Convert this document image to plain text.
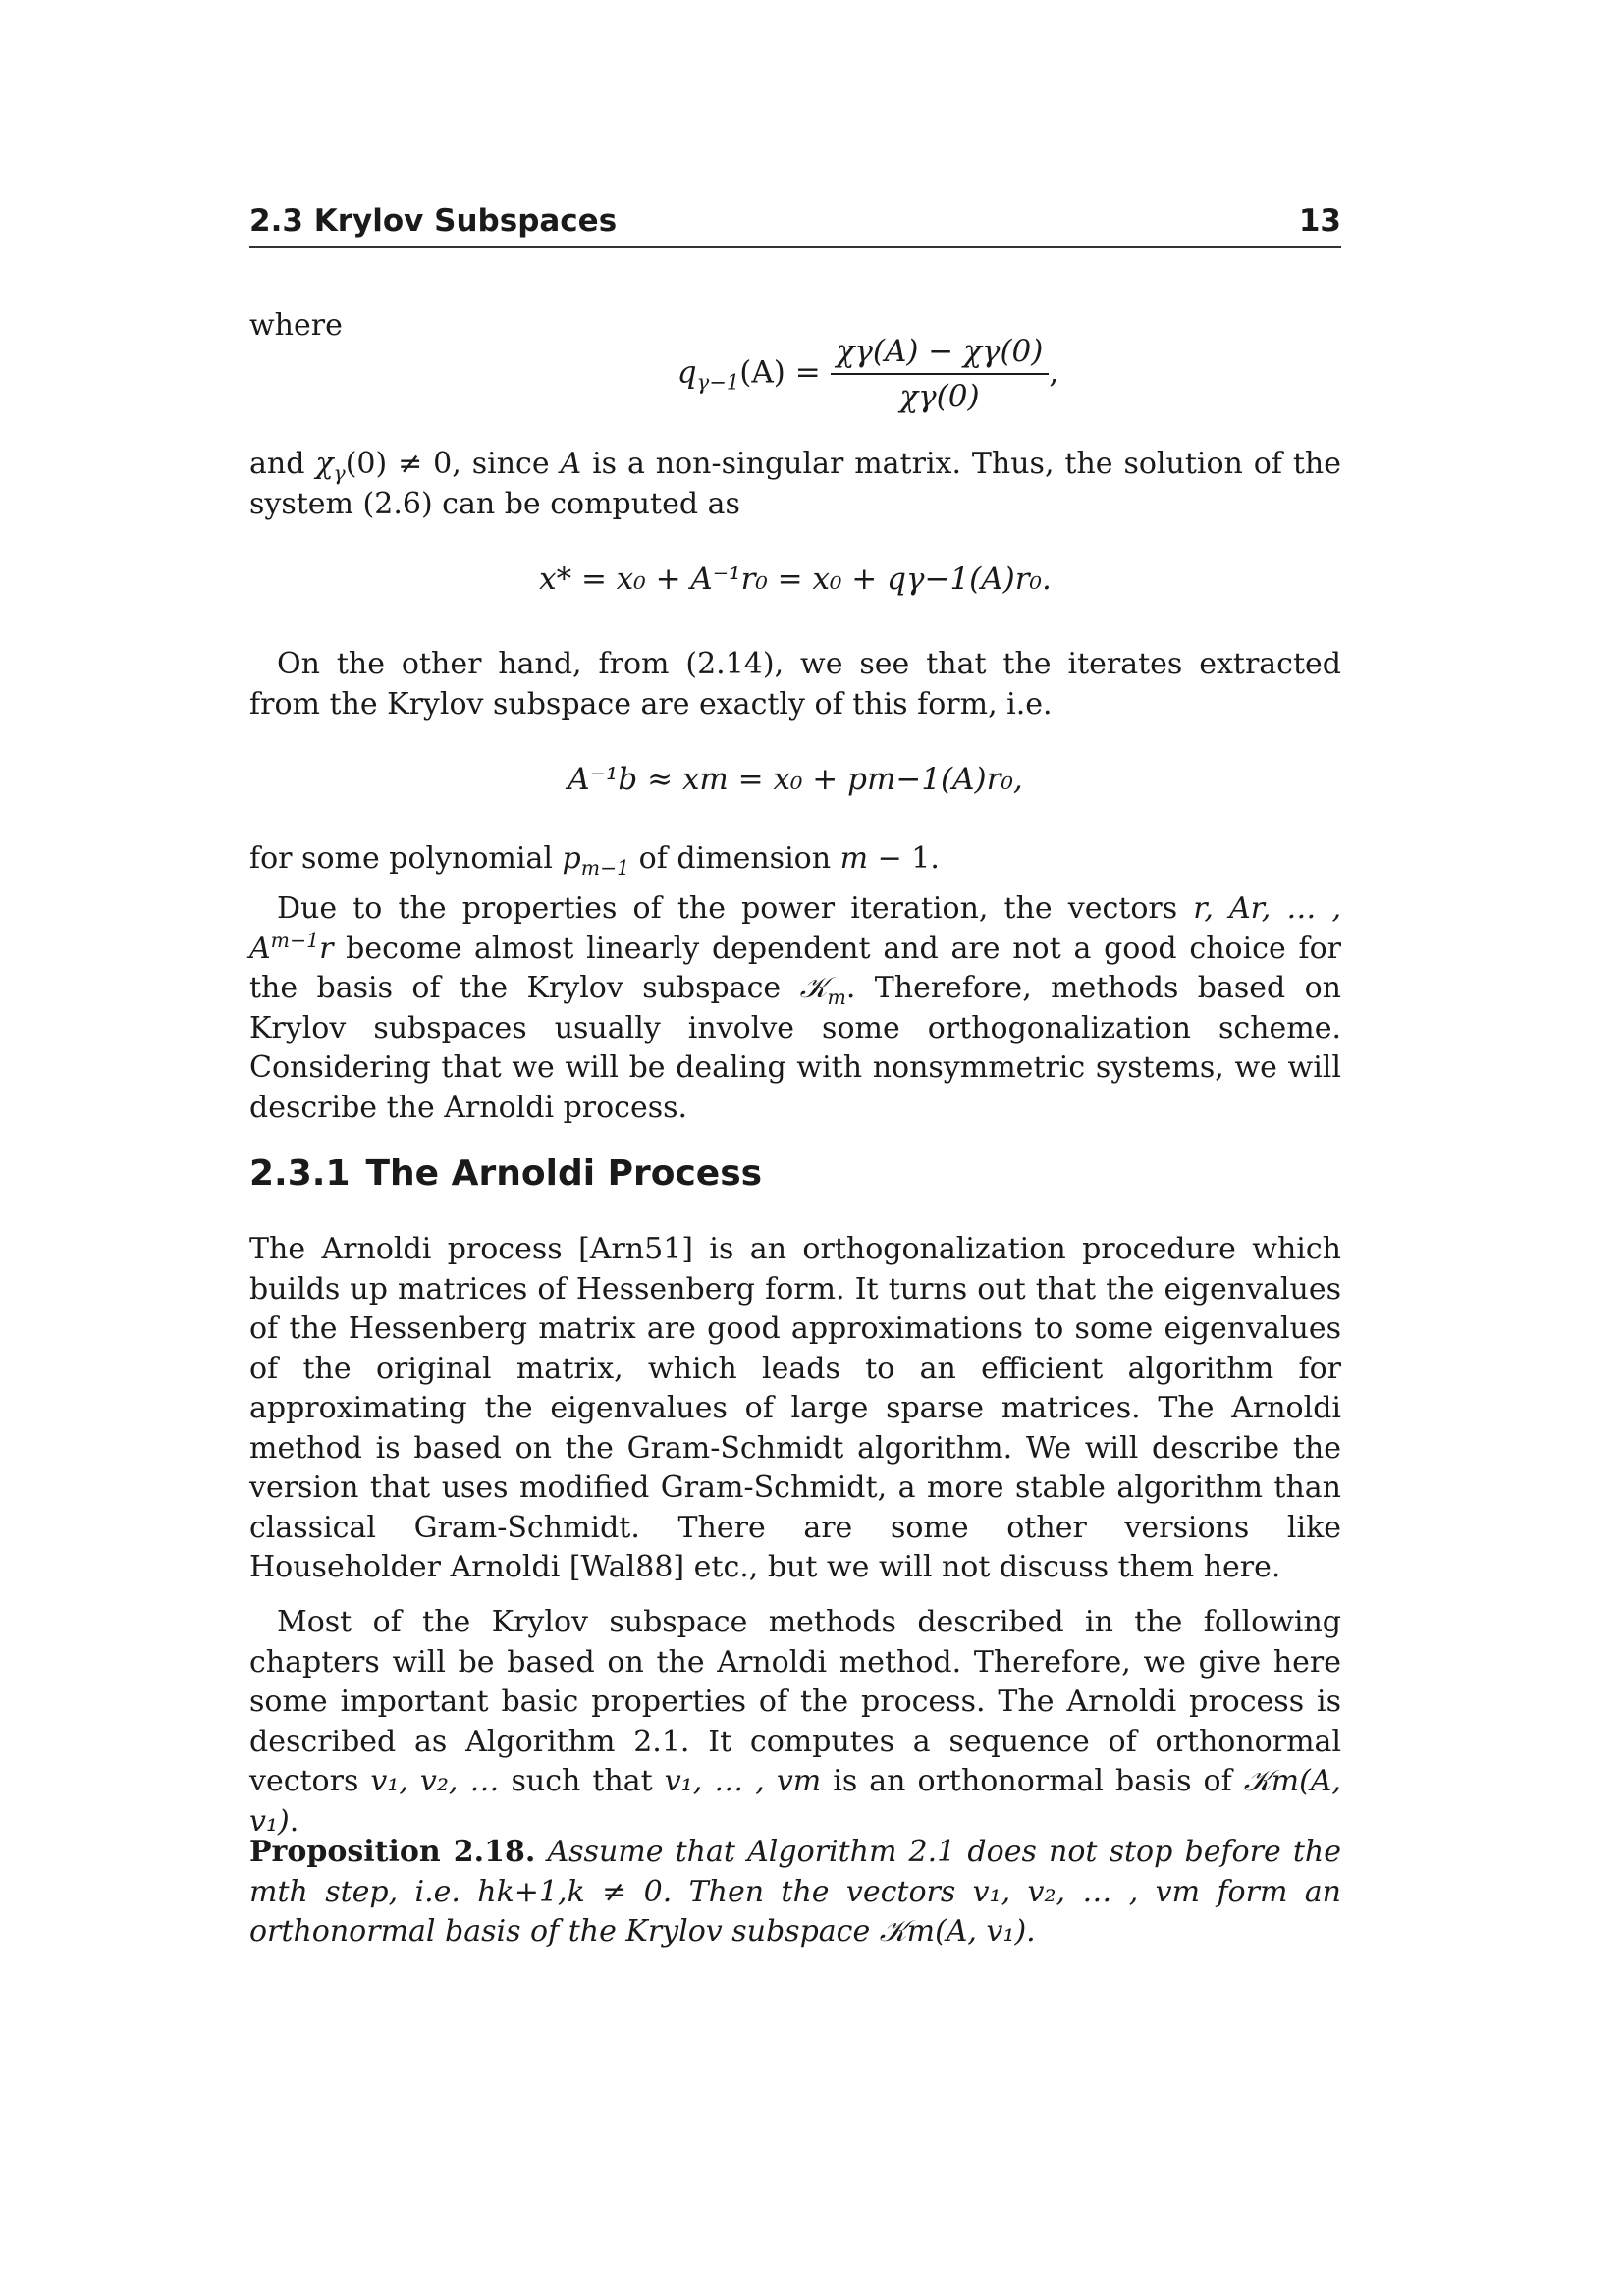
2.3 Krylov Subspaces	13

where

$q_{\gamma-1}(A) = \frac{\chi\gamma(A) - \chi\gamma(0)}{\chi\gamma(0)}$ ,

and $\chi_\gamma(0) \ne 0$, since A is a non-singular matrix. Thus, the solution of the system (2.6) can be computed as

x* = x₀ + A⁻¹r₀ = x₀ + qγ−1(A)r₀.

On the other hand, from (2.14), we see that the iterates extracted from the Krylov subspace are exactly of this form, i.e.

A⁻¹b ≈ xm = x₀ + pm−1(A)r₀,

for some polynomial $p_{m-1}$ of dimension m − 1.

Due to the properties of the power iteration, the vectors r, Ar, … , $A^{m-1}r$ become almost linearly dependent and are not a good choice for the basis of the Krylov subspace 𝒦$_m$. Therefore, methods based on Krylov subspaces usually involve some orthogonalization scheme. Considering that we will be dealing with nonsymmetric systems, we will describe the Arnoldi process.

2.3.1 The Arnoldi Process

The Arnoldi process [Arn51] is an orthogonalization procedure which builds up matrices of Hessenberg form. It turns out that the eigenvalues of the Hessenberg matrix are good approximations to some eigenvalues of the original matrix, which leads to an efficient algorithm for approximating the eigenvalues of large sparse matrices. The Arnoldi method is based on the Gram-Schmidt algorithm. We will describe the version that uses modified Gram-Schmidt, a more stable algorithm than classical Gram-Schmidt. There are some other versions like Householder Arnoldi [Wal88] etc., but we will not discuss them here.

Most of the Krylov subspace methods described in the following chapters will be based on the Arnoldi method. Therefore, we give here some important basic properties of the process. The Arnoldi process is described as Algorithm 2.1. It computes a sequence of orthonormal vectors v₁, v₂, … such that v₁, … , vm is an orthonormal basis of 𝒦m(A, v₁).

Proposition 2.18. Assume that Algorithm 2.1 does not stop before the mth step, i.e. hk+1,k ≠ 0. Then the vectors v₁, v₂, … , vm form an orthonormal basis of the Krylov subspace 𝒦m(A, v₁).
